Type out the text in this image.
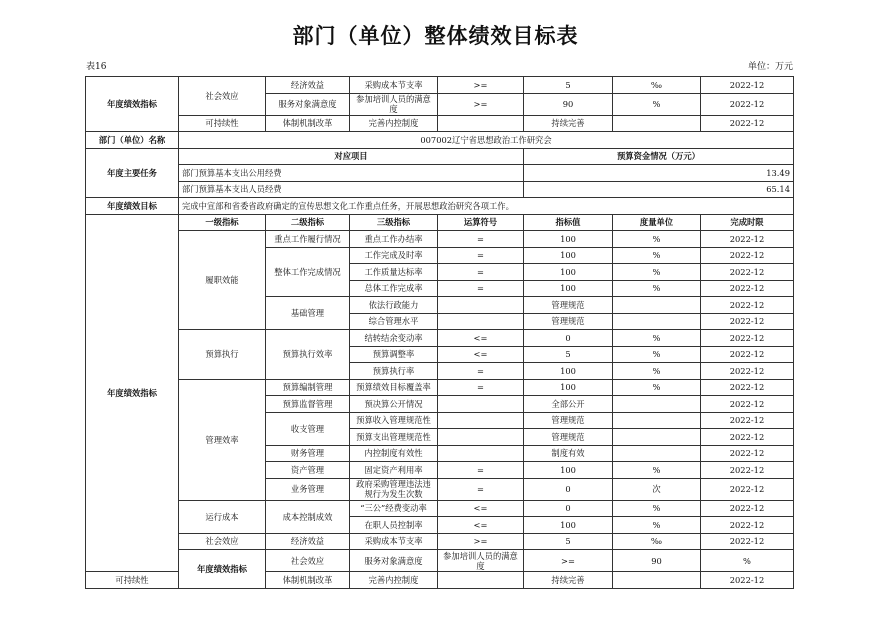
部门（单位）整体绩效目标表
表16	单位：万元
年度绩效指标	社会效应	经济效益	采购成本节支率	>=	5	‰	2022-12	
		服务对象满意度	参加培训人员的满意度	>=	90	%	2022-12	
	可持续性	体制机制改革	完善内控制度		持续完善		2022-12	
部门（单位）名称	007002辽宁省思想政治工作研究会							
年度主要任务	对应项目				预算资金情况（万元）			
	部门预算基本支出公用经费				13.49			
	部门预算基本支出人员经费				65.14			
年度绩效目标	完成中宣部和省委省政府确定的宣传思想文化工作重点任务，开展思想政治研究各项工作。							
年度绩效指标	一级指标	二级指标	三级指标	运算符号	指标值	度量单位	完成时限	
	履职效能	重点工作履行情况	重点工作办结率	=	100	%	2022-12	
		整体工作完成情况	工作完成及时率	=	100	%	2022-12	
			工作质量达标率	=	100	%	2022-12	
			总体工作完成率	=	100	%	2022-12	
		基础管理	依法行政能力		管理规范		2022-12	
			综合管理水平		管理规范		2022-12	
	预算执行	预算执行效率	结转结余变动率	<=	0	%	2022-12	
			预算调整率	<=	5	%	2022-12	
			预算执行率	=	100	%	2022-12	
	管理效率	预算编制管理	预算绩效目标覆盖率	=	100	%	2022-12	
		预算监督管理	预决算公开情况		全部公开		2022-12	
		收支管理	预算收入管理规范性		管理规范		2022-12	
			预算支出管理规范性		管理规范		2022-12	
		财务管理	内控制度有效性		制度有效		2022-12	
		资产管理	固定资产利用率	=	100	%	2022-12	
		业务管理	政府采购管理违法违规行为发生次数	=	0	次	2022-12	
	运行成本	成本控制成效	“三公”经费变动率	<=	0	%	2022-12	
			在职人员控制率	<=	100	%	2022-12	
	社会效应	经济效益	采购成本节支率	>=	5	‰	2022-12	
	年度绩效指标	社会效应	服务对象满意度	参加培训人员的满意度	>=	90	%	
可持续性		体制机制改革	完善内控制度		持续完善		2022-12	
